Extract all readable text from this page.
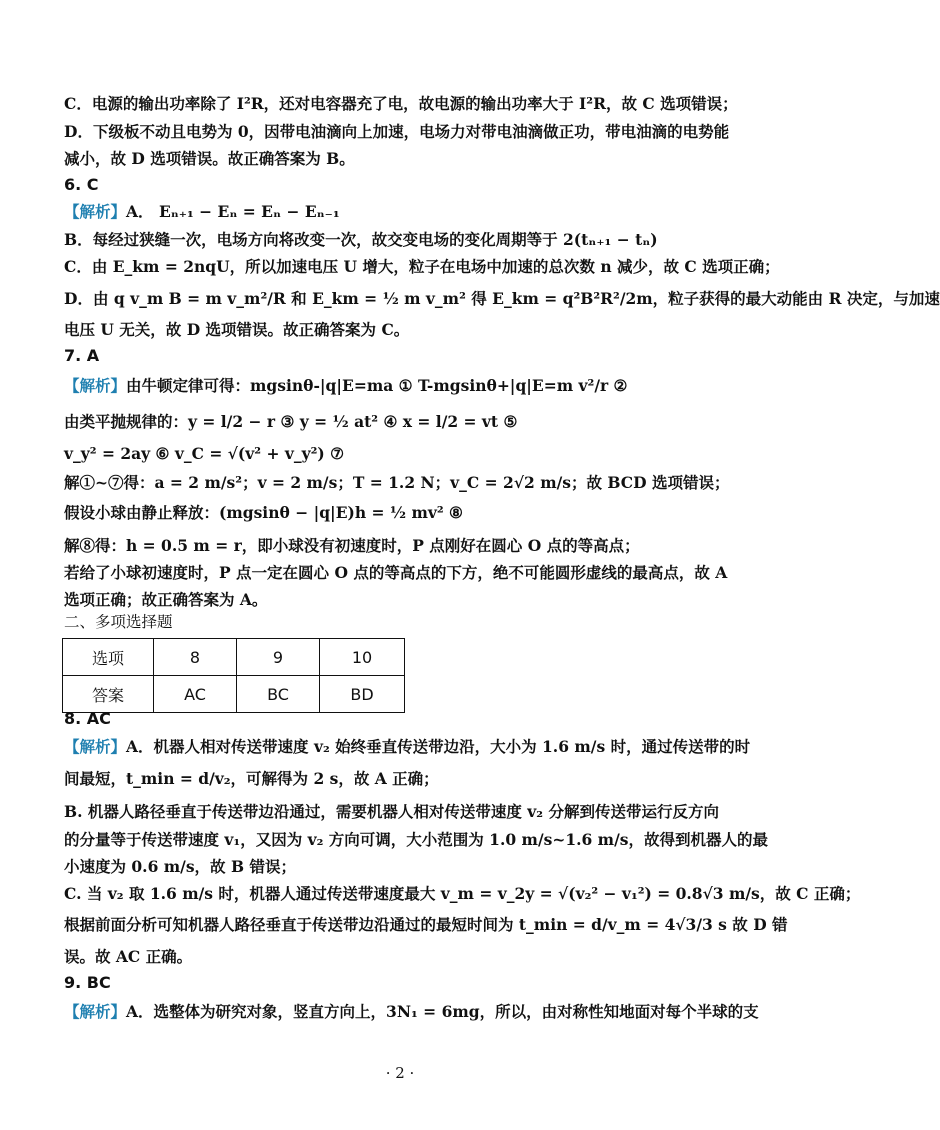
C．电源的输出功率除了 I²R，还对电容器充了电，故电源的输出功率大于 I²R，故 C 选项错误；
D．下级板不动且电势为 0，因带电油滴向上加速，电场力对带电油滴做正功，带电油滴的电势能
减小，故 D 选项错误。故正确答案为 B。
6. C
【解析】A． Eₙ₊₁ − Eₙ = Eₙ − Eₙ₋₁
B．每经过狭缝一次，电场方向将改变一次，故交变电场的变化周期等于 2(tₙ₊₁ − tₙ)
C．由 E_km = 2nqU，所以加速电压 U 增大，粒子在电场中加速的总次数 n 减少，故 C 选项正确；
D．由 q v_m B = m v_m²/R 和 E_km = ½ m v_m² 得 E_km = q²B²R²/2m，粒子获得的最大动能由 R 决定，与加速
电压 U 无关，故 D 选项错误。故正确答案为 C。
7. A
【解析】由牛顿定律可得：mgsinθ-|q|E=ma ① T-mgsinθ+|q|E=m v²/r ②
由类平抛规律的：y = l/2 − r ③ y = ½ at² ④ x = l/2 = vt ⑤
v_y² = 2ay ⑥ v_C = √(v² + v_y²) ⑦
解①~⑦得：a = 2 m/s²；v = 2 m/s；T = 1.2 N；v_C = 2√2 m/s；故 BCD 选项错误；
假设小球由静止释放：(mgsinθ − |q|E)h = ½ mv² ⑧
解⑧得：h = 0.5 m = r，即小球没有初速度时，P 点刚好在圆心 O 点的等高点；
若给了小球初速度时，P 点一定在圆心 O 点的等高点的下方，绝不可能圆形虚线的最高点，故 A
选项正确；故正确答案为 A。
二、多项选择题
选项	8	9	10
答案	AC	BC	BD
8. AC
【解析】A．机器人相对传送带速度 v₂ 始终垂直传送带边沿，大小为 1.6 m/s 时，通过传送带的时
间最短，t_min = d/v₂，可解得为 2 s，故 A 正确；
B. 机器人路径垂直于传送带边沿通过，需要机器人相对传送带速度 v₂ 分解到传送带运行反方向
的分量等于传送带速度 v₁，又因为 v₂ 方向可调，大小范围为 1.0 m/s~1.6 m/s，故得到机器人的最
小速度为 0.6 m/s，故 B 错误；
C. 当 v₂ 取 1.6 m/s 时，机器人通过传送带速度最大 v_m = v_2y = √(v₂² − v₁²) = 0.8√3 m/s，故 C 正确；
根据前面分析可知机器人路径垂直于传送带边沿通过的最短时间为 t_min = d/v_m = 4√3/3 s 故 D 错
误。故 AC 正确。
9. BC
【解析】A．选整体为研究对象，竖直方向上，3N₁ = 6mg，所以，由对称性知地面对每个半球的支
· 2 ·
